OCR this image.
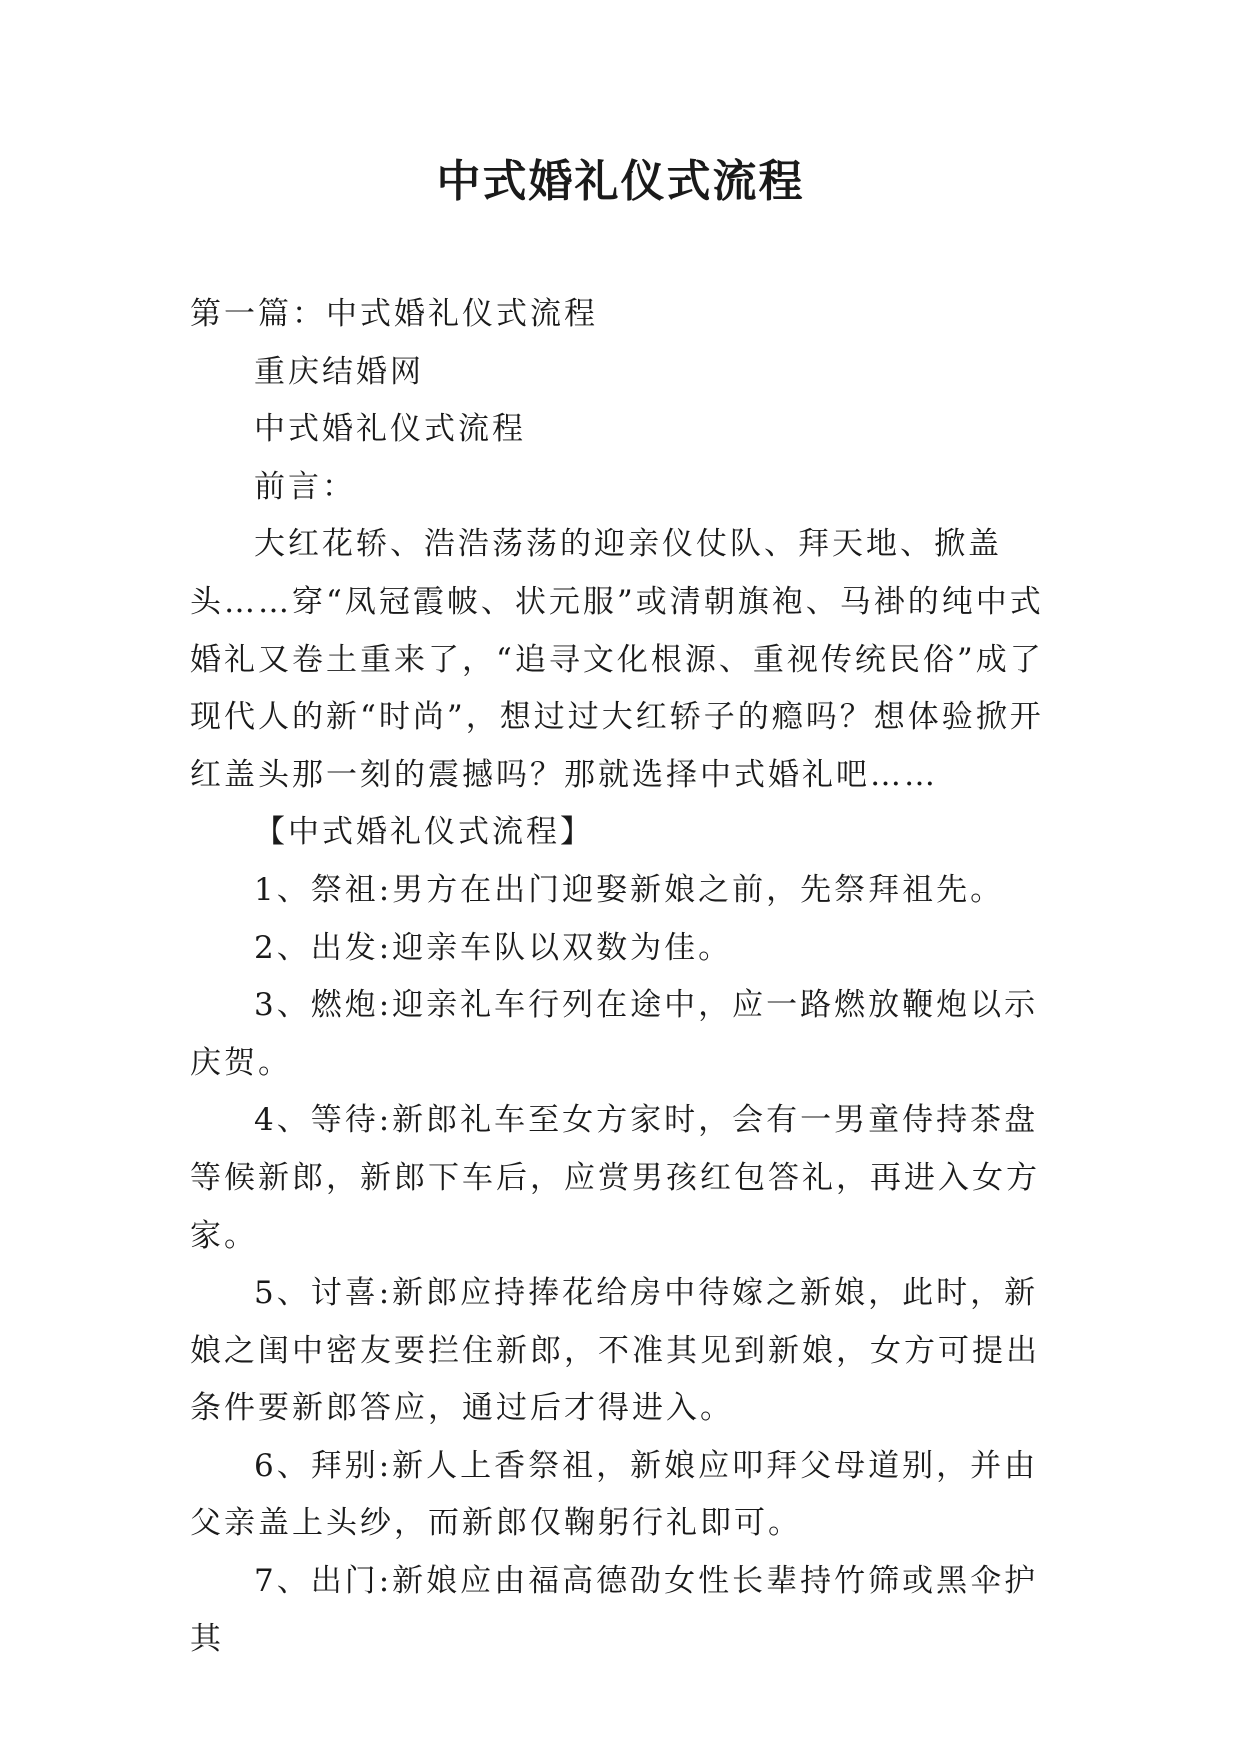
中式婚礼仪式流程

第一篇：中式婚礼仪式流程

重庆结婚网

中式婚礼仪式流程

前言：

大红花轿、浩浩荡荡的迎亲仪仗队、拜天地、掀盖头……穿“凤冠霞帔、状元服”或清朝旗袍、马褂的纯中式婚礼又卷土重来了，“追寻文化根源、重视传统民俗”成了现代人的新“时尚”，想过过大红轿子的瘾吗？想体验掀开红盖头那一刻的震撼吗？那就选择中式婚礼吧……

【中式婚礼仪式流程】

1、祭祖:男方在出门迎娶新娘之前，先祭拜祖先。

2、出发:迎亲车队以双数为佳。

3、燃炮:迎亲礼车行列在途中，应一路燃放鞭炮以示庆贺。

4、等待:新郎礼车至女方家时，会有一男童侍持茶盘等候新郎，新郎下车后，应赏男孩红包答礼，再进入女方家。

5、讨喜:新郎应持捧花给房中待嫁之新娘，此时，新娘之闺中密友要拦住新郎，不准其见到新娘，女方可提出条件要新郎答应，通过后才得进入。

6、拜别:新人上香祭祖，新娘应叩拜父母道别，并由父亲盖上头纱，而新郎仅鞠躬行礼即可。

7、出门:新娘应由福高德劭女性长辈持竹筛或黑伞护其
